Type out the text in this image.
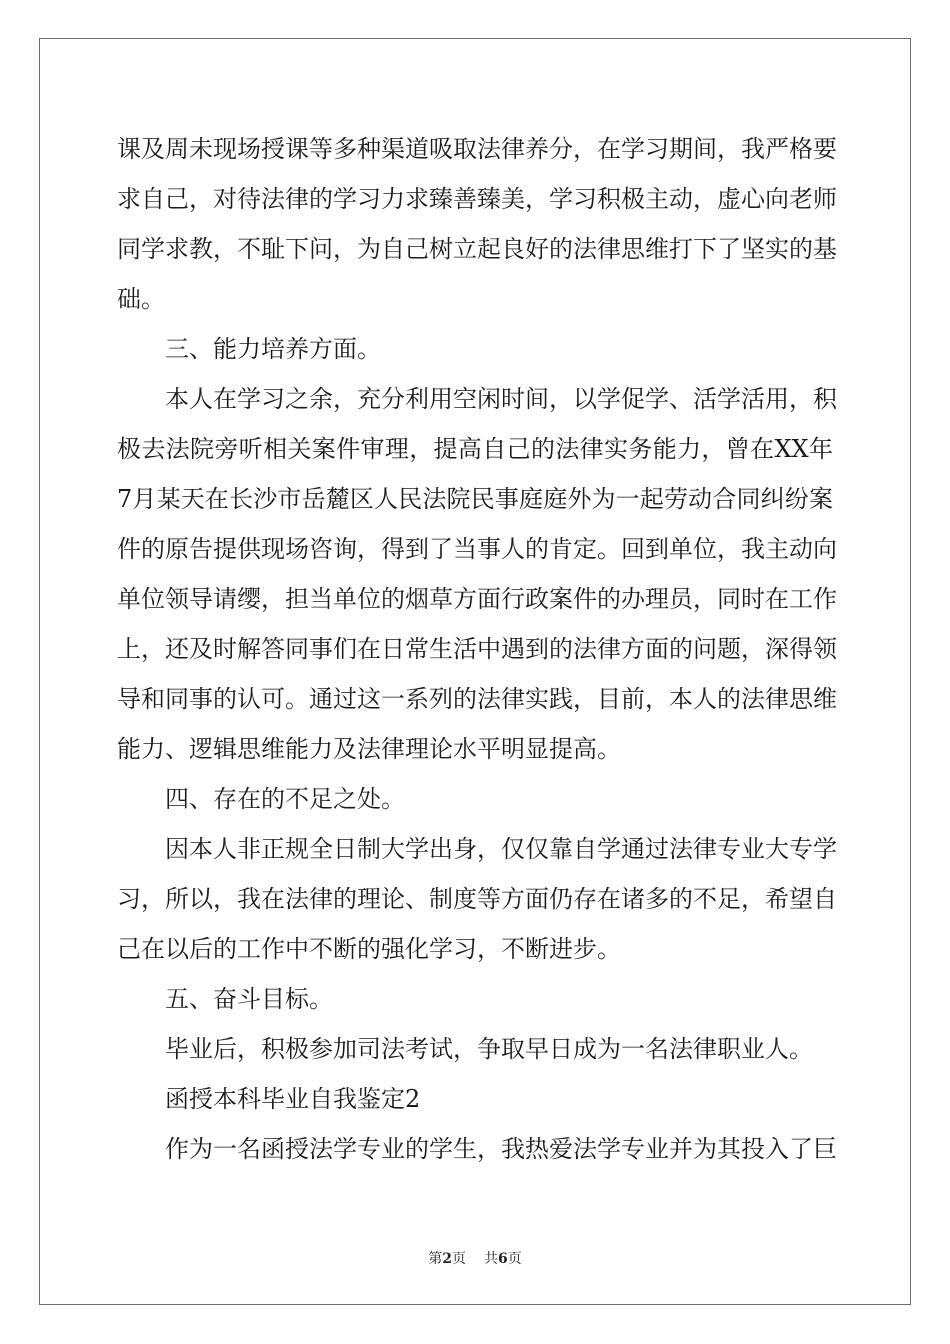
课及周未现场授课等多种渠道吸取法律养分，在学习期间，我严格要
求自己，对待法律的学习力求臻善臻美，学习积极主动，虚心向老师
同学求教，不耻下问，为自己树立起良好的法律思维打下了坚实的基
础。
三、能力培养方面。
本人在学习之余，充分利用空闲时间，以学促学、活学活用，积
极去法院旁听相关案件审理，提高自己的法律实务能力，曾在XX年
7月某天在长沙市岳麓区人民法院民事庭庭外为一起劳动合同纠纷案
件的原告提供现场咨询，得到了当事人的肯定。回到单位，我主动向
单位领导请缨，担当单位的烟草方面行政案件的办理员，同时在工作
上，还及时解答同事们在日常生活中遇到的法律方面的问题，深得领
导和同事的认可。通过这一系列的法律实践，目前，本人的法律思维
能力、逻辑思维能力及法律理论水平明显提高。
四、存在的不足之处。
因本人非正规全日制大学出身，仅仅靠自学通过法律专业大专学
习，所以，我在法律的理论、制度等方面仍存在诸多的不足，希望自
己在以后的工作中不断的强化学习，不断进步。
五、奋斗目标。
毕业后，积极参加司法考试，争取早日成为一名法律职业人。
函授本科毕业自我鉴定2
作为一名函授法学专业的学生，我热爱法学专业并为其投入了巨
第2页 共6页
